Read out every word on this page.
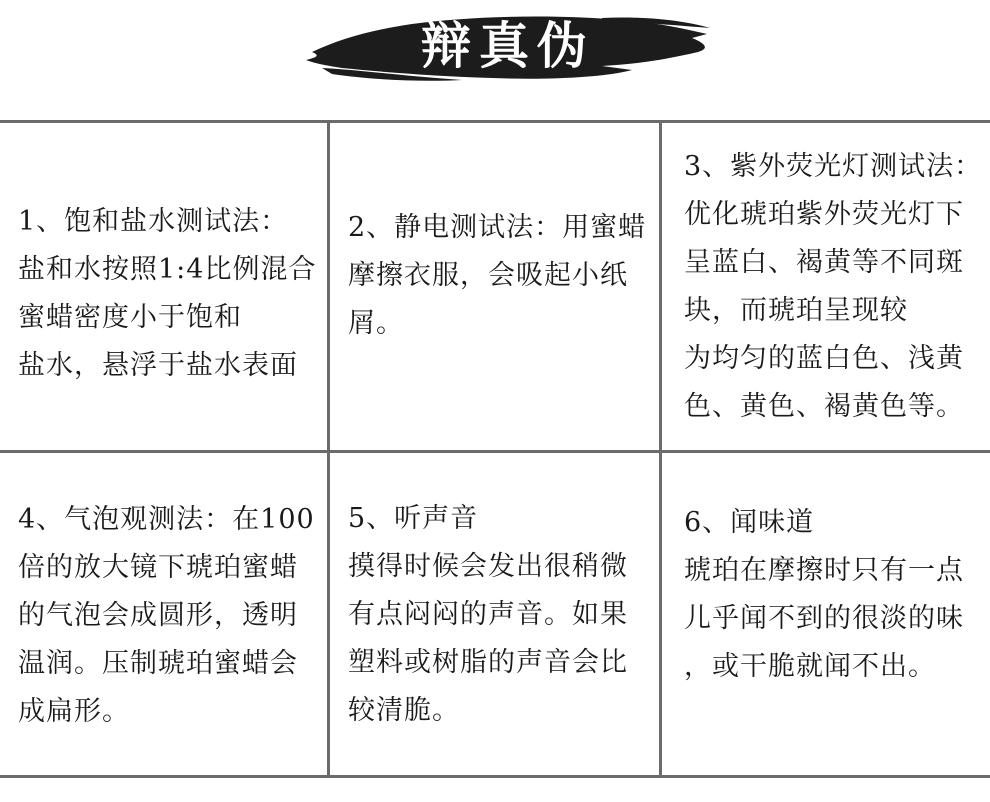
辩真伪

1、饱和盐水测试法：
盐和水按照1:4比例混合
蜜蜡密度小于饱和
盐水，悬浮于盐水表面

2、静电测试法：用蜜蜡
摩擦衣服，会吸起小纸
屑。

3、紫外荧光灯测试法：
优化琥珀紫外荧光灯下
呈蓝白、褐黄等不同斑
块，而琥珀呈现较
为均匀的蓝白色、浅黄
色、黄色、褐黄色等。

4、气泡观测法：在100
倍的放大镜下琥珀蜜蜡
的气泡会成圆形，透明
温润。压制琥珀蜜蜡会
成扁形。

5、听声音
摸得时候会发出很稍微
有点闷闷的声音。如果
塑料或树脂的声音会比
较清脆。

6、闻味道
琥珀在摩擦时只有一点
儿乎闻不到的很淡的味
，或干脆就闻不出。
